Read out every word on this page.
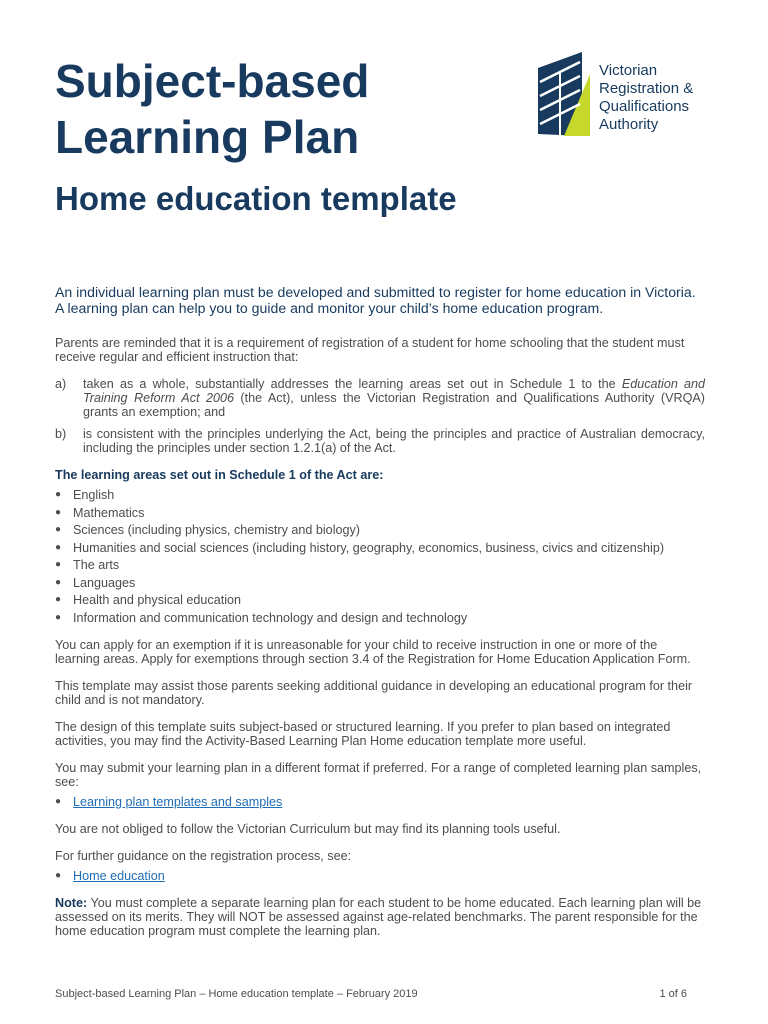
Subject-based
Learning Plan
Home education template
Victorian
Registration &
Qualifications
Authority

An individual learning plan must be developed and submitted to register for home education in Victoria.
A learning plan can help you to guide and monitor your child’s home education program.

Parents are reminded that it is a requirement of registration of a student for home schooling that the student must receive regular and efficient instruction that:

a)	taken as a whole, substantially addresses the learning areas set out in Schedule 1 to the Education and Training Reform Act 2006 (the Act), unless the Victorian Registration and Qualifications Authority (VRQA) grants an exemption; and
b)	is consistent with the principles underlying the Act, being the principles and practice of Australian democracy, including the principles under section 1.2.1(a) of the Act.

The learning areas set out in Schedule 1 of the Act are:

● English
● Mathematics
● Sciences (including physics, chemistry and biology)
● Humanities and social sciences (including history, geography, economics, business, civics and citizenship)
● The arts
● Languages
● Health and physical education
● Information and communication technology and design and technology

You can apply for an exemption if it is unreasonable for your child to receive instruction in one or more of the learning areas. Apply for exemptions through section 3.4 of the Registration for Home Education Application Form.

This template may assist those parents seeking additional guidance in developing an educational program for their child and is not mandatory.

The design of this template suits subject-based or structured learning. If you prefer to plan based on integrated activities, you may find the Activity-Based Learning Plan Home education template more useful.

You may submit your learning plan in a different format if preferred. For a range of completed learning plan samples, see:

● Learning plan templates and samples

You are not obliged to follow the Victorian Curriculum but may find its planning tools useful.

For further guidance on the registration process, see:

● Home education

Note: You must complete a separate learning plan for each student to be home educated. Each learning plan will be assessed on its merits. They will NOT be assessed against age-related benchmarks. The parent responsible for the home education program must complete the learning plan.

Subject-based Learning Plan – Home education template – February 2019	1 of 6
